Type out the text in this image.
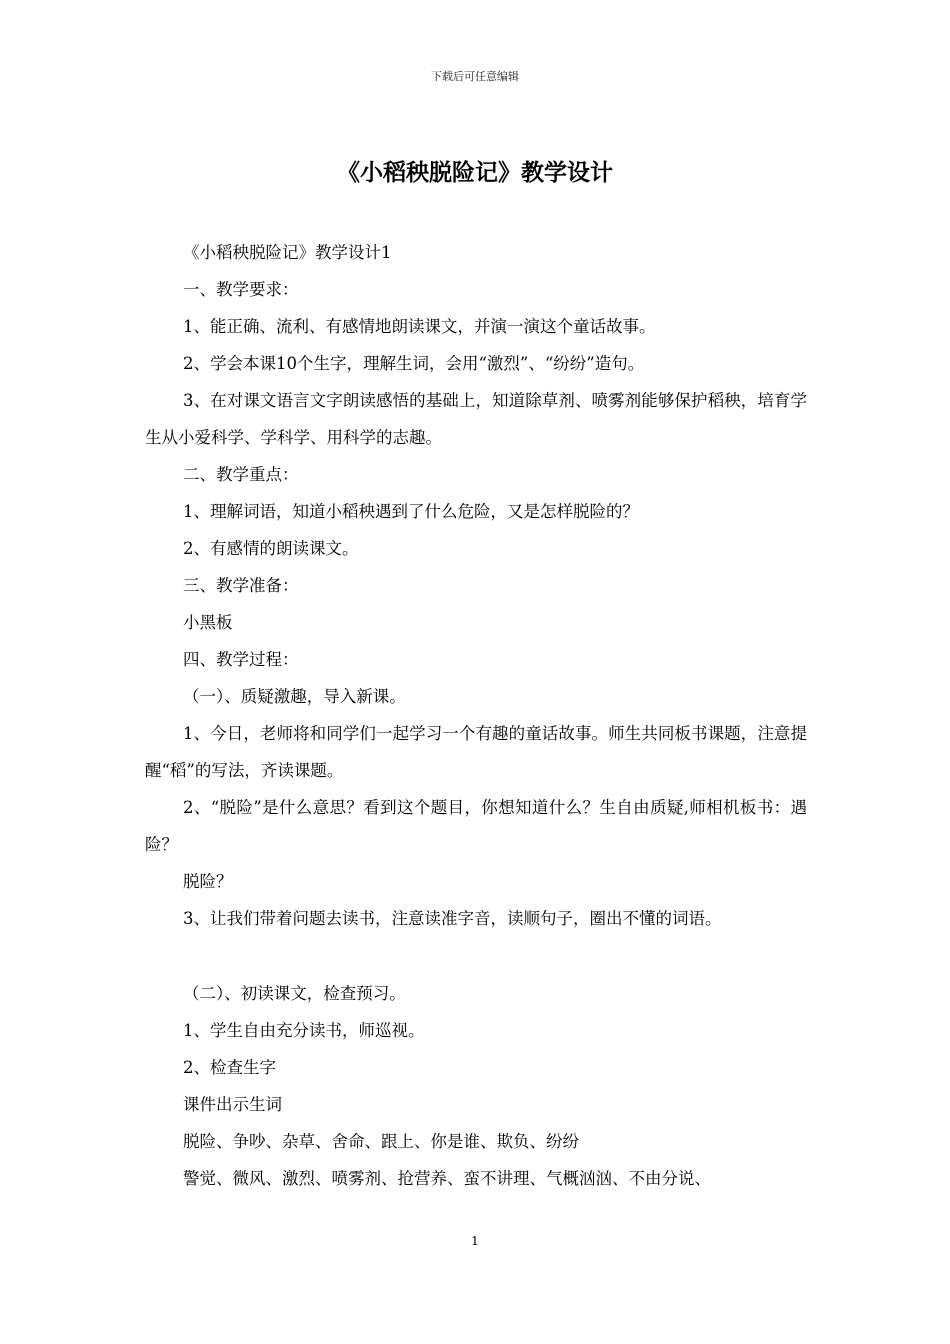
下载后可任意编辑
《小稻秧脱险记》教学设计

《小稻秧脱险记》教学设计1

一、教学要求：

1、能正确、流利、有感情地朗读课文，并演一演这个童话故事。

2、学会本课10个生字，理解生词，会用“激烈”、“纷纷”造句。

3、在对课文语言文字朗读感悟的基础上，知道除草剂、喷雾剂能够保护稻秧，培育学生从小爱科学、学科学、用科学的志趣。

二、教学重点：

1、理解词语，知道小稻秧遇到了什么危险，又是怎样脱险的？

2、有感情的朗读课文。

三、教学准备：

小黑板

四、教学过程：

（一）、质疑激趣，导入新课。

1、今日，老师将和同学们一起学习一个有趣的童话故事。师生共同板书课题，注意提醒“稻”的写法，齐读课题。

2、“脱险”是什么意思？看到这个题目，你想知道什么？生自由质疑,师相机板书：遇险？

脱险？

3、让我们带着问题去读书，注意读准字音，读顺句子，圈出不懂的词语。

（二）、初读课文，检查预习。

1、学生自由充分读书，师巡视。

2、检查生字

课件出示生词

脱险、争吵、杂草、舍命、跟上、你是谁、欺负、纷纷

警觉、微风、激烈、喷雾剂、抢营养、蛮不讲理、气概汹汹、不由分说、

1
